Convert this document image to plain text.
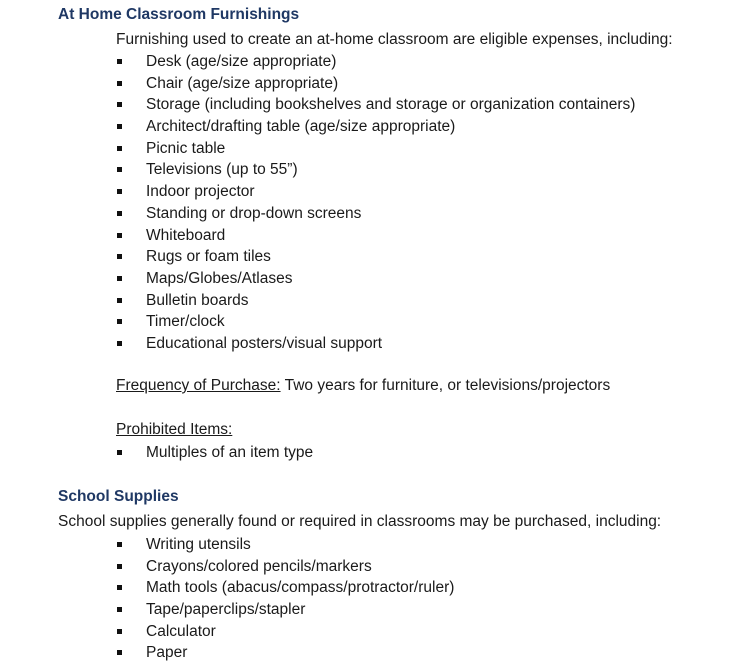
At Home Classroom Furnishings
Furnishing used to create an at-home classroom are eligible expenses, including:
Desk (age/size appropriate)
Chair (age/size appropriate)
Storage (including bookshelves and storage or organization containers)
Architect/drafting table (age/size appropriate)
Picnic table
Televisions (up to 55”)
Indoor projector
Standing or drop-down screens
Whiteboard
Rugs or foam tiles
Maps/Globes/Atlases
Bulletin boards
Timer/clock
Educational posters/visual support
Frequency of Purchase: Two years for furniture, or televisions/projectors
Prohibited Items:
Multiples of an item type
School Supplies
School supplies generally found or required in classrooms may be purchased, including:
Writing utensils
Crayons/colored pencils/markers
Math tools (abacus/compass/protractor/ruler)
Tape/paperclips/stapler
Calculator
Paper
